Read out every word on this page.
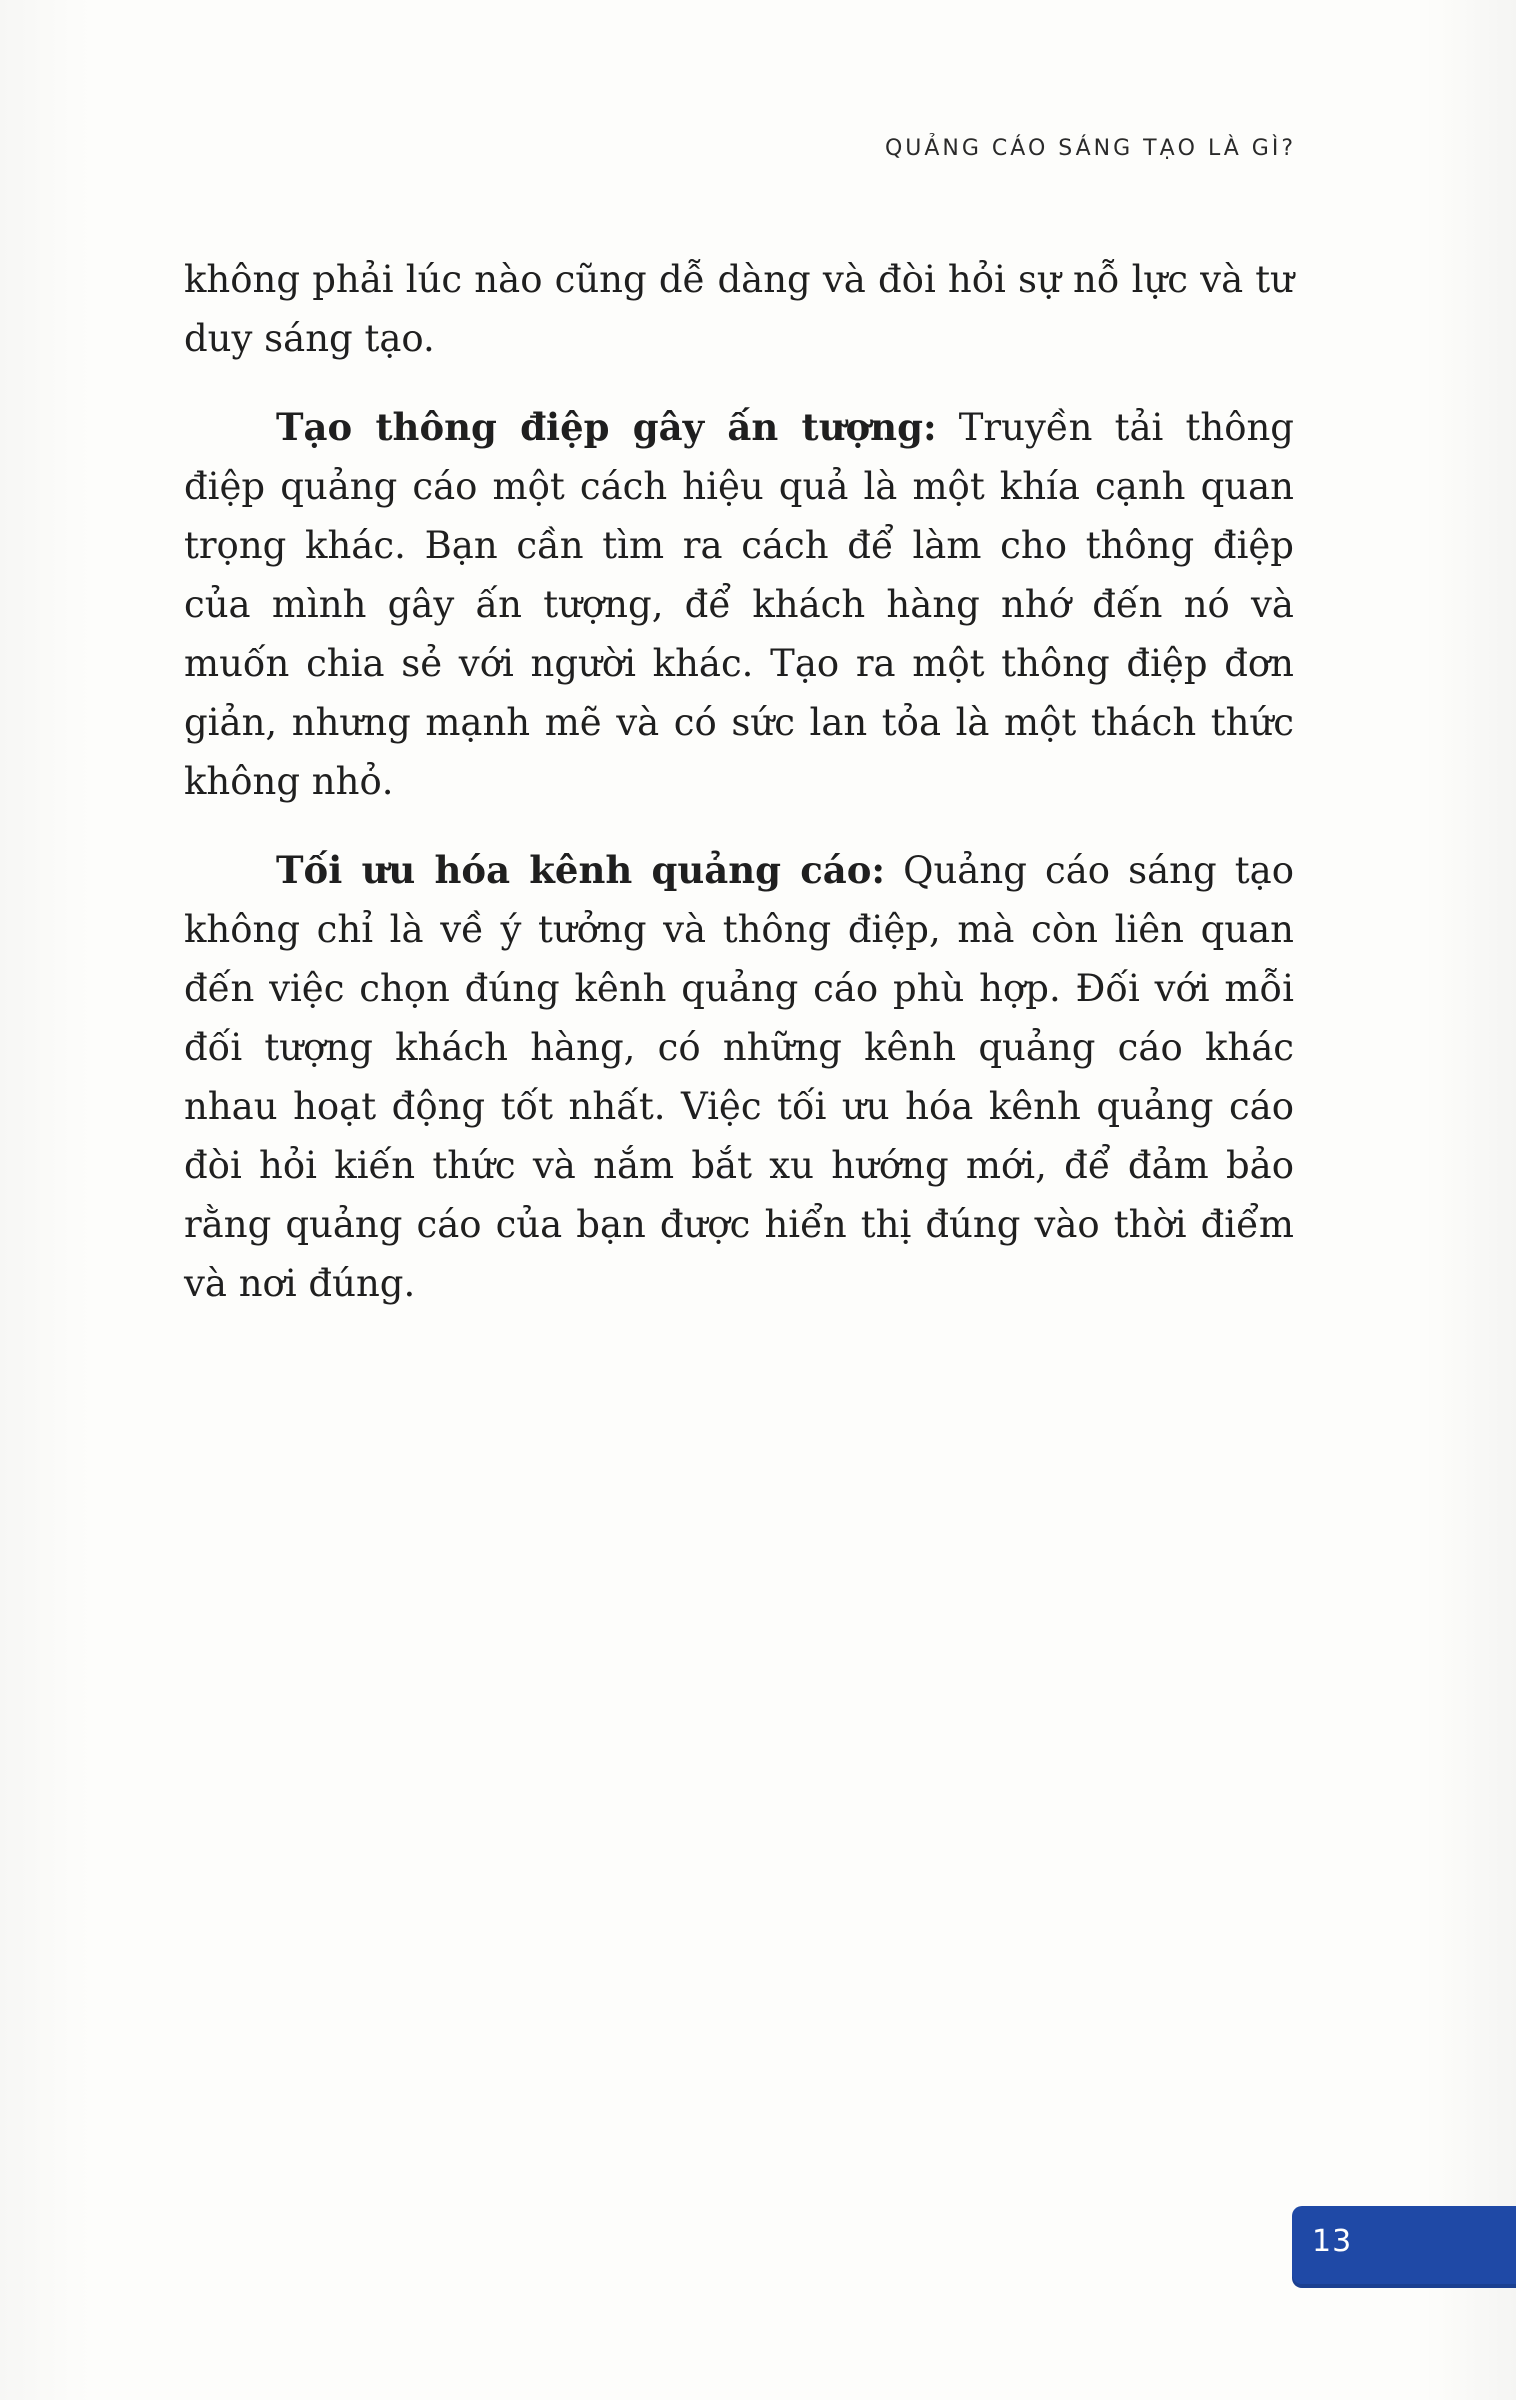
QUẢNG CÁO SÁNG TẠO LÀ GÌ?

không phải lúc nào cũng dễ dàng và đòi hỏi sự nỗ lực và tư duy sáng tạo.

Tạo thông điệp gây ấn tượng: Truyền tải thông điệp quảng cáo một cách hiệu quả là một khía cạnh quan trọng khác. Bạn cần tìm ra cách để làm cho thông điệp của mình gây ấn tượng, để khách hàng nhớ đến nó và muốn chia sẻ với người khác. Tạo ra một thông điệp đơn giản, nhưng mạnh mẽ và có sức lan tỏa là một thách thức không nhỏ.

Tối ưu hóa kênh quảng cáo: Quảng cáo sáng tạo không chỉ là về ý tưởng và thông điệp, mà còn liên quan đến việc chọn đúng kênh quảng cáo phù hợp. Đối với mỗi đối tượng khách hàng, có những kênh quảng cáo khác nhau hoạt động tốt nhất. Việc tối ưu hóa kênh quảng cáo đòi hỏi kiến thức và nắm bắt xu hướng mới, để đảm bảo rằng quảng cáo của bạn được hiển thị đúng vào thời điểm và nơi đúng.

13
